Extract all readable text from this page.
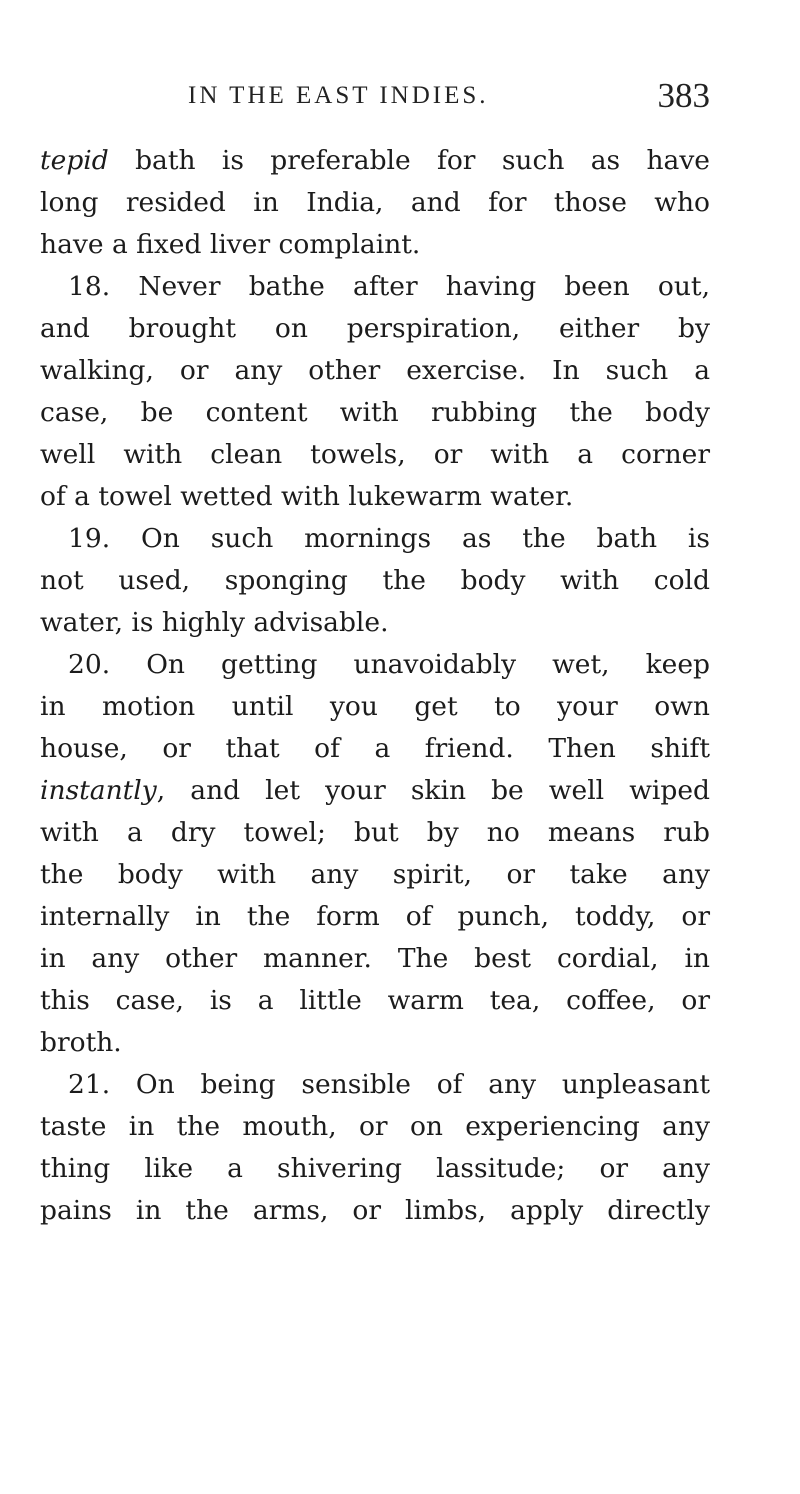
IN THE EAST INDIES.	383
tepid bath is preferable for such as have
long resided in India, and for those who
have a fixed liver complaint.
18. Never bathe after having been out,
and brought on perspiration, either by
walking, or any other exercise. In such a
case, be content with rubbing the body
well with clean towels, or with a corner
of a towel wetted with lukewarm water.
19. On such mornings as the bath is
not used, sponging the body with cold
water, is highly advisable.
20. On getting unavoidably wet, keep
in motion until you get to your own
house, or that of a friend. Then shift
instantly, and let your skin be well wiped
with a dry towel; but by no means rub
the body with any spirit, or take any
internally in the form of punch, toddy, or
in any other manner. The best cordial, in
this case, is a little warm tea, coffee, or
broth.
21. On being sensible of any unpleasant
taste in the mouth, or on experiencing any
thing like a shivering lassitude; or any
pains in the arms, or limbs, apply directly
